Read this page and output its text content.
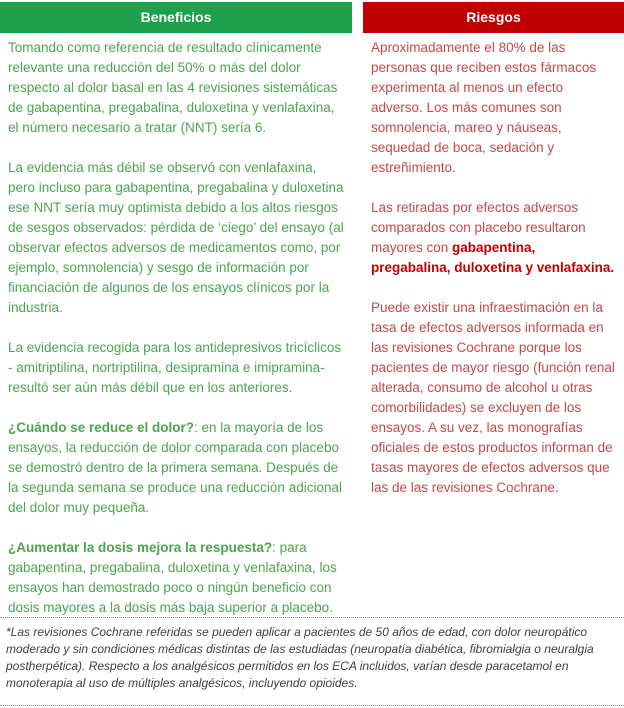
Beneficios

Tomando como referencia de resultado clínicamente relevante una reducción del 50% o más del dolor respecto al dolor basal en las 4 revisiones sistemáticas de gabapentina, pregabalina, duloxetina y venlafaxina, el número necesario a tratar (NNT) sería 6.

La evidencia más débil se observó con venlafaxina, pero incluso para gabapentina, pregabalina y duloxetina ese NNT sería muy optimista debido a los altos riesgos de sesgos observados: pérdida de ‘ciego’ del ensayo (al observar efectos adversos de medicamentos como, por ejemplo, somnolencia) y sesgo de información por financiación de algunos de los ensayos clínicos por la industria.

La evidencia recogida para los antidepresivos tricíclicos - amitriptilina, nortriptilina, desipramina e imipramina- resultó ser aún más débil que en los anteriores.

¿Cuándo se reduce el dolor?: en la mayoría de los ensayos, la reducción de dolor comparada con placebo se demostró dentro de la primera semana. Después de la segunda semana se produce una reducción adicional del dolor muy pequeña.

¿Aumentar la dosis mejora la respuesta?: para gabapentina, pregabalina, duloxetina y venlafaxina, los ensayos han demostrado poco o ningún beneficio con dosis mayores a la dosis más baja superior a placebo.

Riesgos

Aproximadamente el 80% de las personas que reciben estos fármacos experimenta al menos un efecto adverso. Los más comunes son somnolencia, mareo y náuseas, sequedad de boca, sedación y estreñimiento.

Las retiradas por efectos adversos comparados con placebo resultaron mayores con gabapentina, pregabalina, duloxetina y venlafaxina.

Puede existir una infraestimación en la tasa de efectos adversos informada en las revisiones Cochrane porque los pacientes de mayor riesgo (función renal alterada, consumo de alcohol u otras comorbilidades) se excluyen de los ensayos. A su vez, las monografías oficiales de estos productos informan de tasas mayores de efectos adversos que las de las revisiones Cochrane.

*Las revisiones Cochrane referidas se pueden aplicar a pacientes de 50 años de edad, con dolor neuropático moderado y sin condiciones médicas distintas de las estudiadas (neuropatía diabética, fibromialgia o neuralgia postherpética). Respecto a los analgésicos permitidos en los ECA incluidos, varían desde paracetamol en monoterapia al uso de múltiples analgésicos, incluyendo opioides.
